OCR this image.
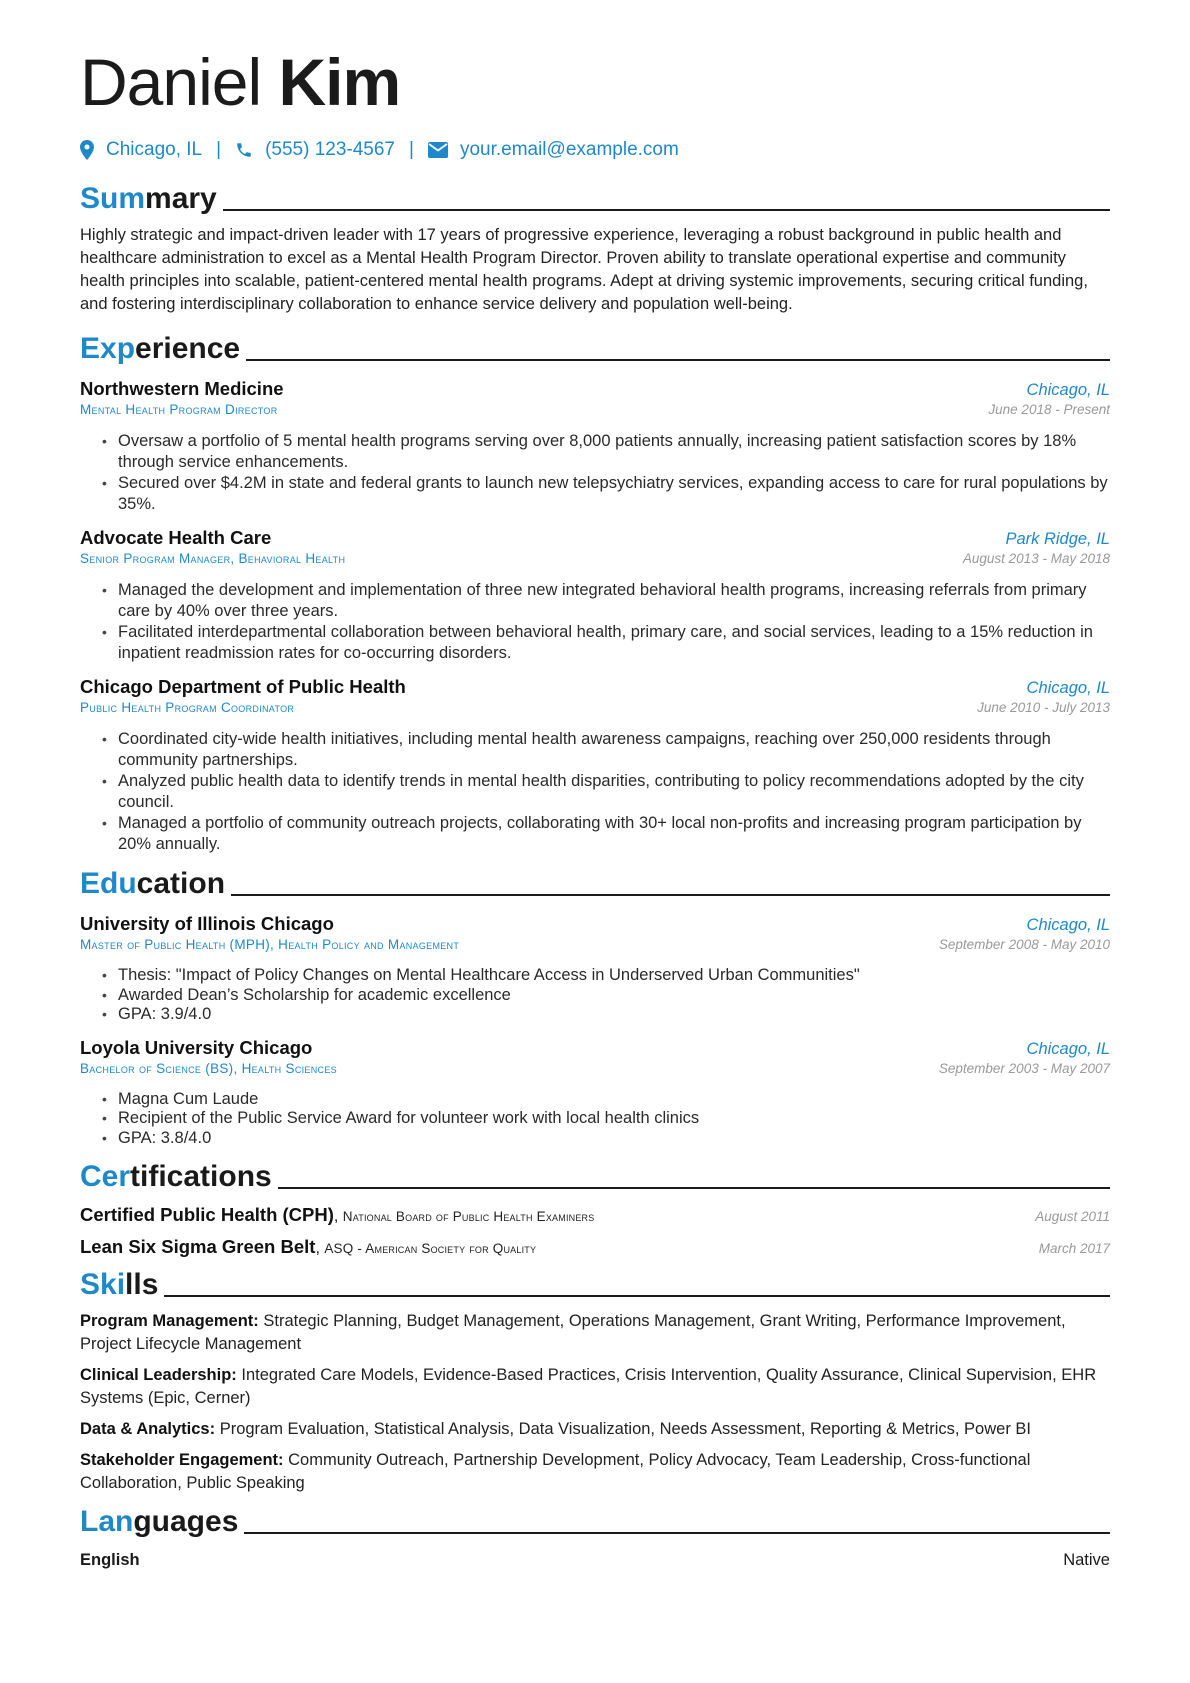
Daniel Kim
Chicago, IL | (555) 123-4567 | your.email@example.com
Summary
Highly strategic and impact-driven leader with 17 years of progressive experience, leveraging a robust background in public health and healthcare administration to excel as a Mental Health Program Director. Proven ability to translate operational expertise and community health principles into scalable, patient-centered mental health programs. Adept at driving systemic improvements, securing critical funding, and fostering interdisciplinary collaboration to enhance service delivery and population well-being.
Experience
Northwestern Medicine	Chicago, IL
Mental Health Program Director	June 2018 - Present
• Oversaw a portfolio of 5 mental health programs serving over 8,000 patients annually, increasing patient satisfaction scores by 18% through service enhancements.
• Secured over $4.2M in state and federal grants to launch new telepsychiatry services, expanding access to care for rural populations by 35%.
Advocate Health Care	Park Ridge, IL
Senior Program Manager, Behavioral Health	August 2013 - May 2018
• Managed the development and implementation of three new integrated behavioral health programs, increasing referrals from primary care by 40% over three years.
• Facilitated interdepartmental collaboration between behavioral health, primary care, and social services, leading to a 15% reduction in inpatient readmission rates for co-occurring disorders.
Chicago Department of Public Health	Chicago, IL
Public Health Program Coordinator	June 2010 - July 2013
• Coordinated city-wide health initiatives, including mental health awareness campaigns, reaching over 250,000 residents through community partnerships.
• Analyzed public health data to identify trends in mental health disparities, contributing to policy recommendations adopted by the city council.
• Managed a portfolio of community outreach projects, collaborating with 30+ local non-profits and increasing program participation by 20% annually.
Education
University of Illinois Chicago	Chicago, IL
Master of Public Health (MPH), Health Policy and Management	September 2008 - May 2010
• Thesis: "Impact of Policy Changes on Mental Healthcare Access in Underserved Urban Communities"
• Awarded Dean’s Scholarship for academic excellence
• GPA: 3.9/4.0
Loyola University Chicago	Chicago, IL
Bachelor of Science (BS), Health Sciences	September 2003 - May 2007
• Magna Cum Laude
• Recipient of the Public Service Award for volunteer work with local health clinics
• GPA: 3.8/4.0
Certifications
Certified Public Health (CPH), National Board of Public Health Examiners	August 2011
Lean Six Sigma Green Belt, ASQ - American Society for Quality	March 2017
Skills
Program Management: Strategic Planning, Budget Management, Operations Management, Grant Writing, Performance Improvement, Project Lifecycle Management
Clinical Leadership: Integrated Care Models, Evidence-Based Practices, Crisis Intervention, Quality Assurance, Clinical Supervision, EHR Systems (Epic, Cerner)
Data & Analytics: Program Evaluation, Statistical Analysis, Data Visualization, Needs Assessment, Reporting & Metrics, Power BI
Stakeholder Engagement: Community Outreach, Partnership Development, Policy Advocacy, Team Leadership, Cross-functional Collaboration, Public Speaking
Languages
English	Native
